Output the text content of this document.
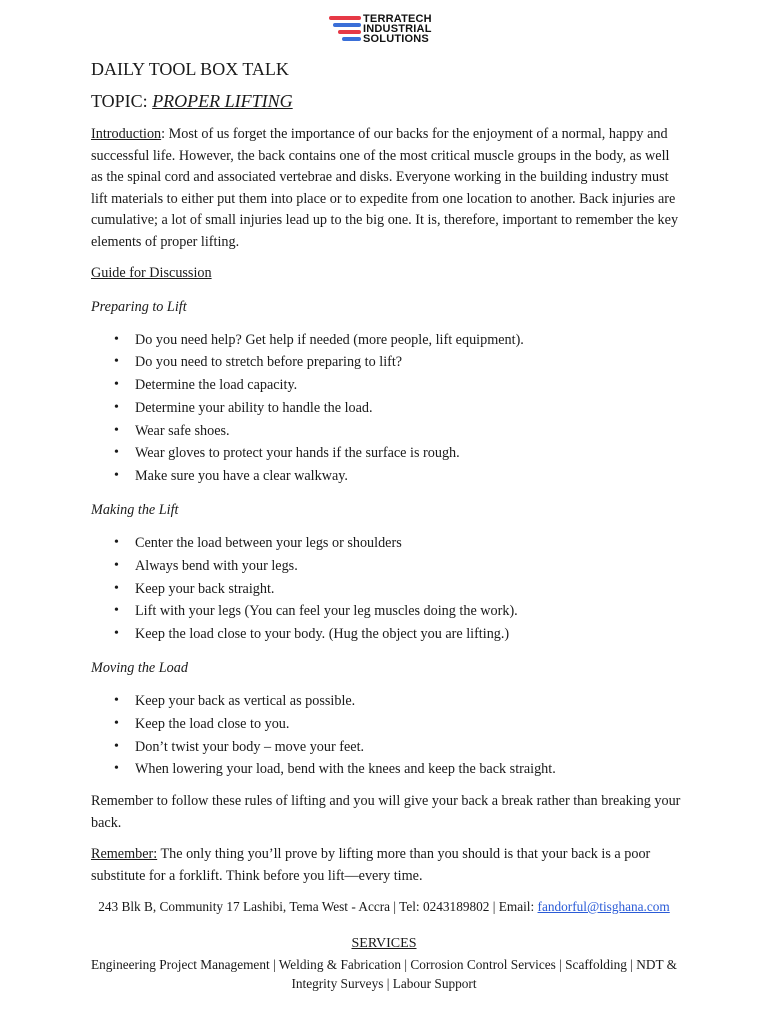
TERRATECH
INDUSTRIAL
SOLUTIONS
DAILY TOOL BOX TALK
TOPIC: PROPER LIFTING

Introduction: Most of us forget the importance of our backs for the enjoyment of a normal, happy and successful life. However, the back contains one of the most critical muscle groups in the body, as well as the spinal cord and associated vertebrae and disks. Everyone working in the building industry must lift materials to either put them into place or to expedite from one location to another. Back injuries are cumulative; a lot of small injuries lead up to the big one. It is, therefore, important to remember the key elements of proper lifting.

Guide for Discussion

Preparing to Lift
• Do you need help? Get help if needed (more people, lift equipment).
• Do you need to stretch before preparing to lift?
• Determine the load capacity.
• Determine your ability to handle the load.
• Wear safe shoes.
• Wear gloves to protect your hands if the surface is rough.
• Make sure you have a clear walkway.
Making the Lift
• Center the load between your legs or shoulders
• Always bend with your legs.
• Keep your back straight.
• Lift with your legs (You can feel your leg muscles doing the work).
• Keep the load close to your body. (Hug the object you are lifting.)
Moving the Load
• Keep your back as vertical as possible.
• Keep the load close to you.
• Don’t twist your body – move your feet.
• When lowering your load, bend with the knees and keep the back straight.

Remember to follow these rules of lifting and you will give your back a break rather than breaking your back.

Remember: The only thing you’ll prove by lifting more than you should is that your back is a poor substitute for a forklift. Think before you lift—every time.

243 Blk B, Community 17 Lashibi, Tema West - Accra | Tel: 0243189802 | Email: fandorful@tisghana.com
SERVICES
Engineering Project Management | Welding & Fabrication | Corrosion Control Services | Scaffolding | NDT & Integrity Surveys | Labour Support
